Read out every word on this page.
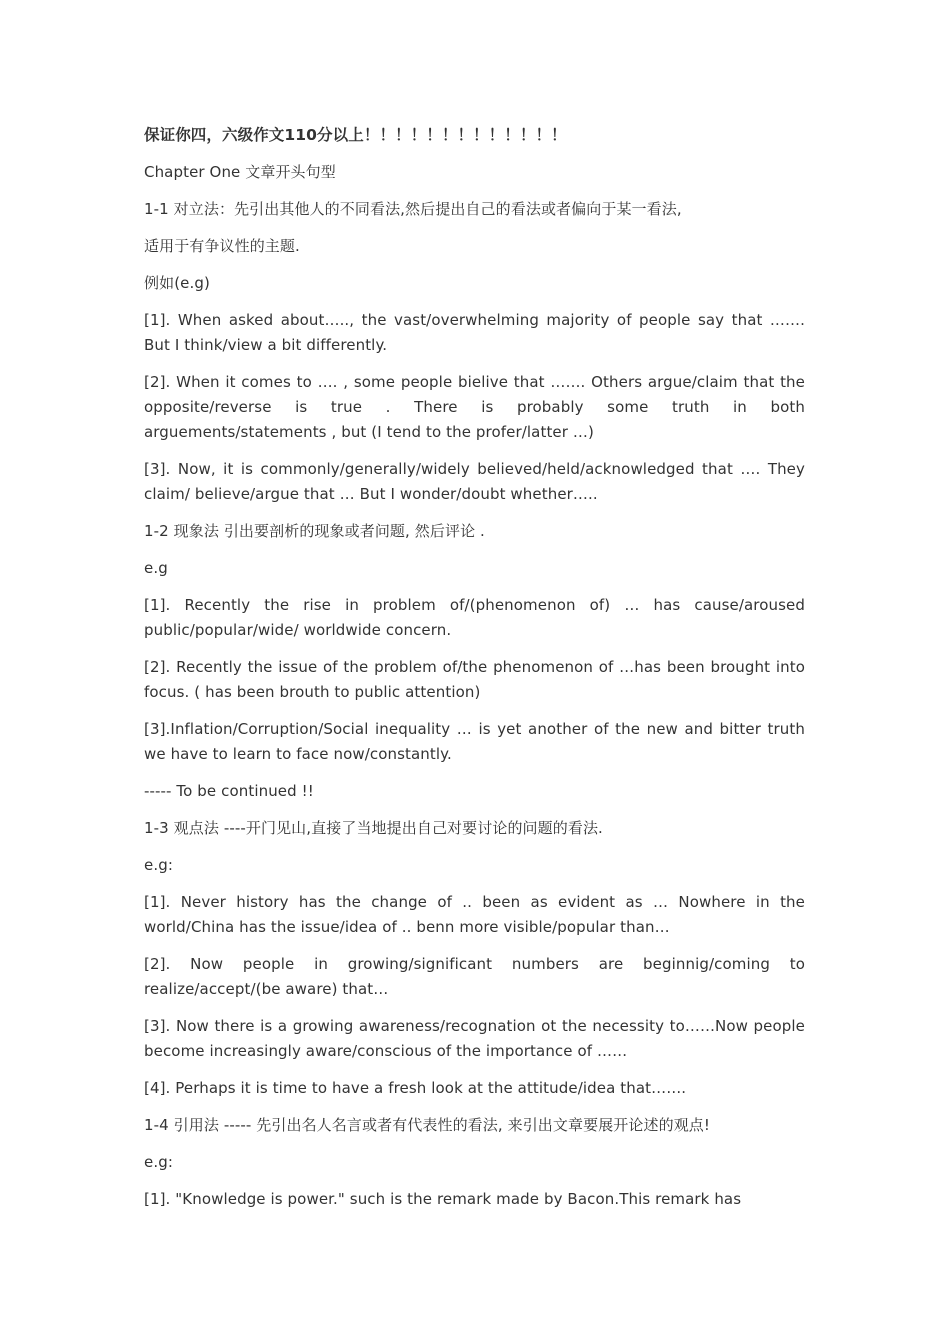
保证你四，六级作文110分以上！！！！！！！！！！！！！
Chapter One 文章开头句型
1-1 对立法：先引出其他人的不同看法,然后提出自己的看法或者偏向于某一看法,
适用于有争议性的主题.
例如(e.g)
[1]. When asked about….., the vast/overwhelming majority of people say that ……. But I think/view a bit differently.
[2]. When it comes to …. , some people bielive that ……. Others argue/claim that the opposite/reverse is true . There is probably some truth in both arguements/statements , but (I tend to the profer/latter …)
[3]. Now, it is commonly/generally/widely believed/held/acknowledged that …. They claim/ believe/argue that … But I wonder/doubt whether…..
1-2 现象法 引出要剖析的现象或者问题, 然后评论 .
e.g
[1]. Recently the rise in problem of/(phenomenon of) … has cause/aroused public/popular/wide/ worldwide concern.
[2]. Recently the issue of the problem of/the phenomenon of …has been brought into focus. ( has been brouth to public attention)
[3].Inflation/Corruption/Social inequality … is yet another of the new and bitter truth we have to learn to face now/constantly.
----- To be continued !!
1-3 观点法 ----开门见山,直接了当地提出自己对要讨论的问题的看法.
e.g:
[1]. Never history has the change of .. been as evident as … Nowhere in the world/China has the issue/idea of .. benn more visible/popular than…
[2]. Now people in growing/significant numbers are beginnig/coming to realize/accept/(be aware) that…
[3]. Now there is a growing awareness/recognation ot the necessity to……Now people become increasingly aware/conscious of the importance of ……
[4]. Perhaps it is time to have a fresh look at the attitude/idea that…….
1-4 引用法 ----- 先引出名人名言或者有代表性的看法, 来引出文章要展开论述的观点!
e.g:
[1]. "Knowledge is power." such is the remark made by Bacon.This remark has
